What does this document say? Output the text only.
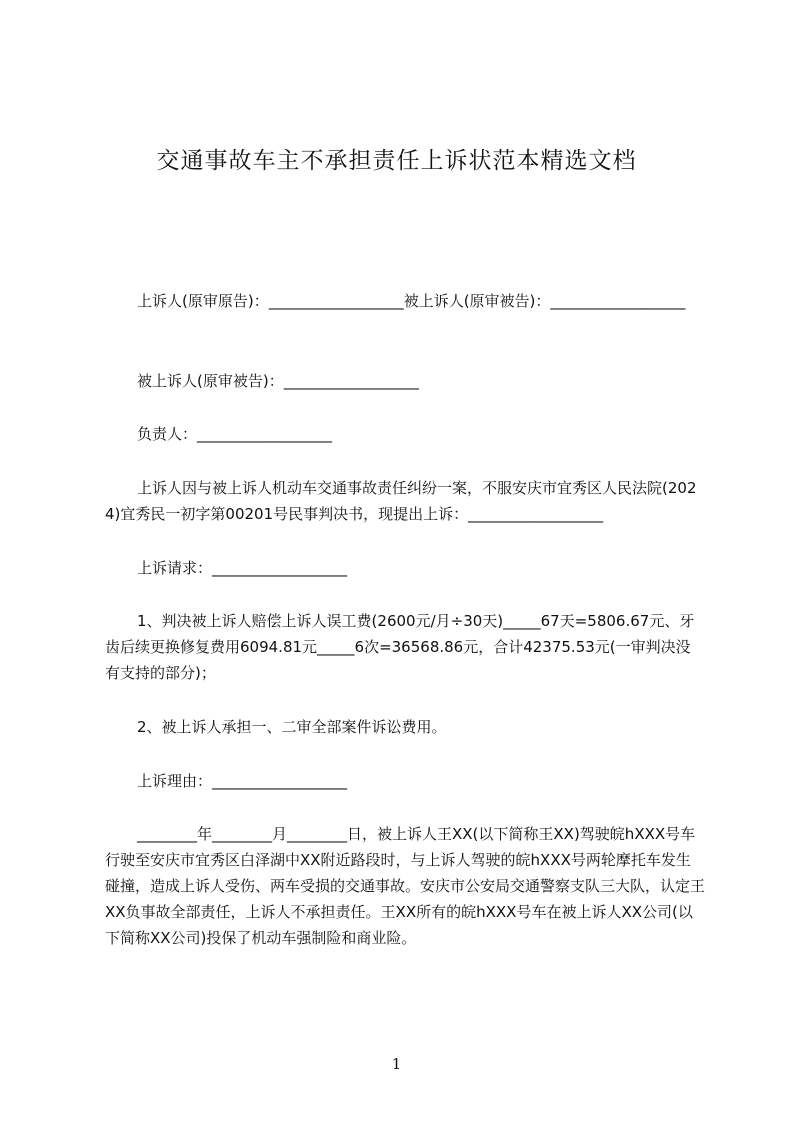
交通事故车主不承担责任上诉状范本精选文档

上诉人(原审原告)：__________________被上诉人(原审被告)：__________________

被上诉人(原审被告)：__________________

负责人：__________________

上诉人因与被上诉人机动车交通事故责任纠纷一案，不服安庆市宜秀区人民法院(2024)宜秀民一初字第00201号民事判决书，现提出上诉：__________________

上诉请求：__________________

1、判决被上诉人赔偿上诉人误工费(2600元/月÷30天)_____67天=5806.67元、牙齿后续更换修复费用6094.81元_____6次=36568.86元，合计42375.53元(一审判决没有支持的部分)；

2、被上诉人承担一、二审全部案件诉讼费用。

上诉理由：__________________

________年________月________日，被上诉人王XX(以下简称王XX)驾驶皖hXXX号车行驶至安庆市宜秀区白泽湖中XX附近路段时，与上诉人驾驶的皖hXXX号两轮摩托车发生碰撞，造成上诉人受伤、两车受损的交通事故。安庆市公安局交通警察支队三大队，认定王XX负事故全部责任，上诉人不承担责任。王XX所有的皖hXXX号车在被上诉人XX公司(以下简称XX公司)投保了机动车强制险和商业险。

1
